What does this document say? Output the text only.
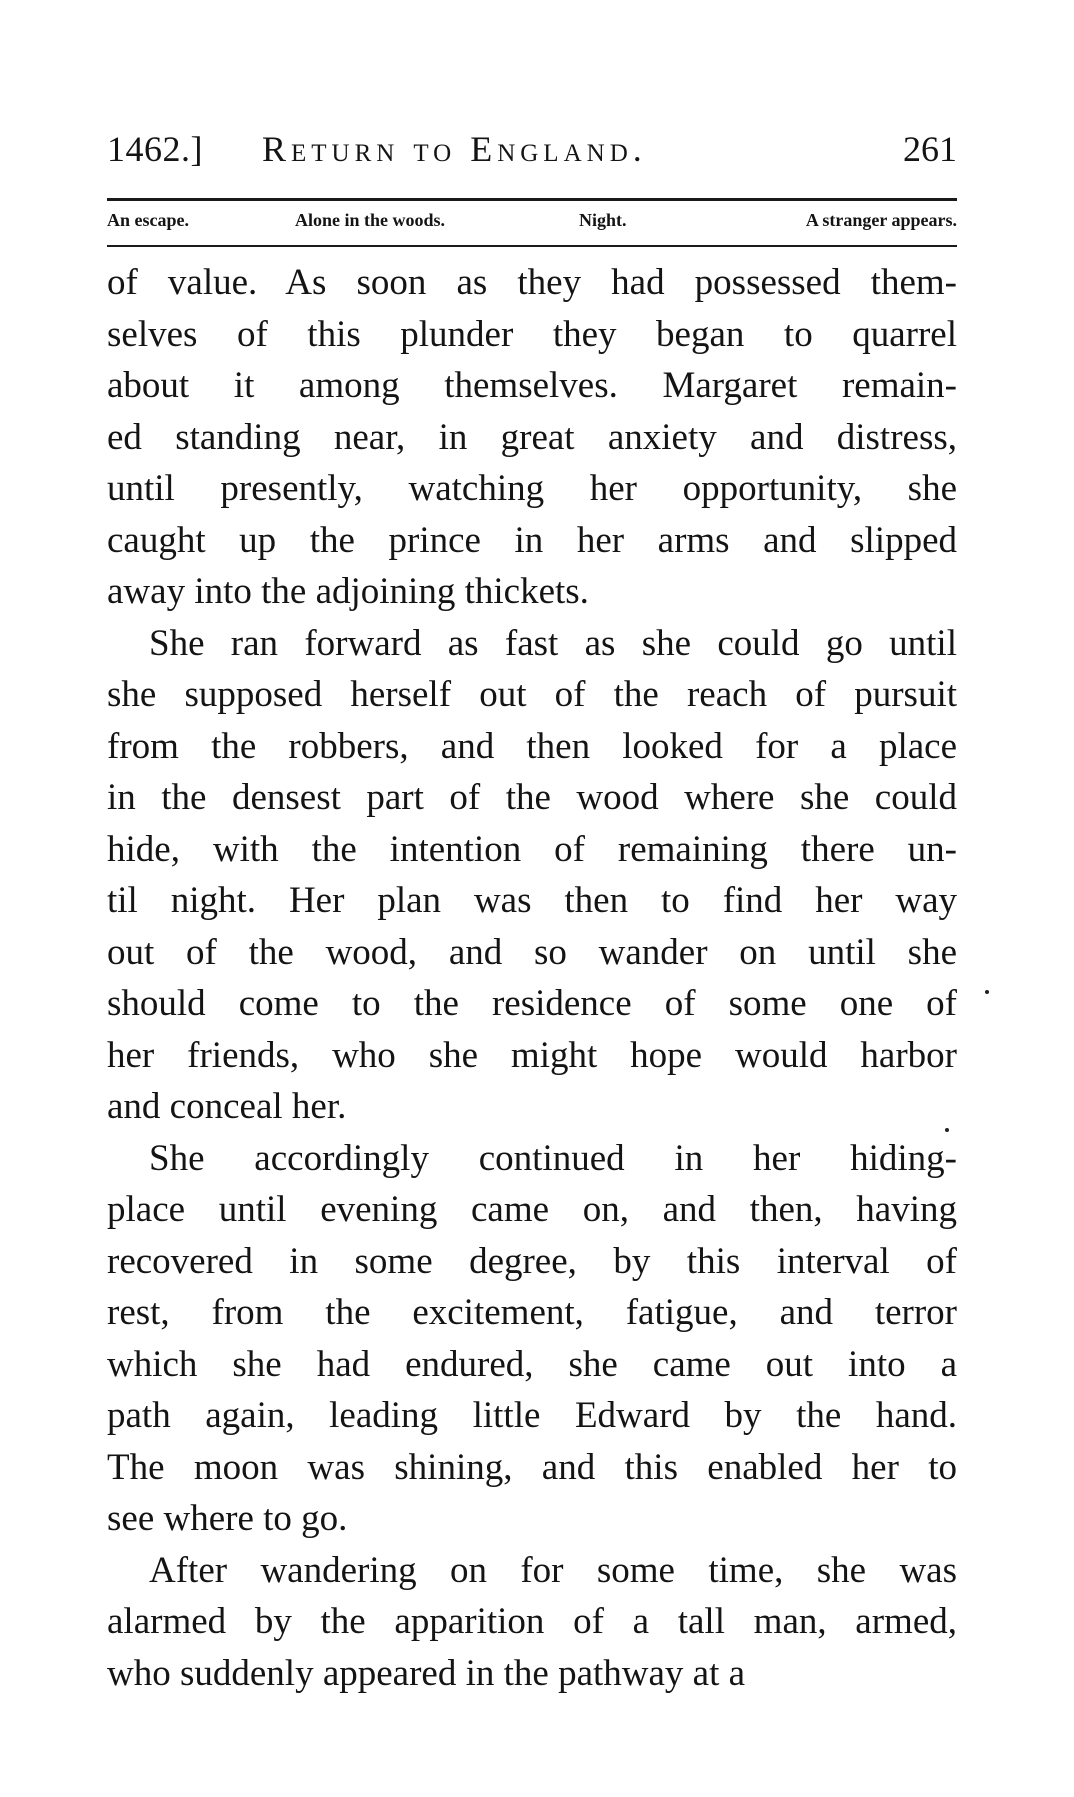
1462.] Return to England.	261
An escape.	Alone in the woods.	Night.	A stranger appears.
of value. As soon as they had possessed them-
selves of this plunder they began to quarrel
about it among themselves. Margaret remain-
ed standing near, in great anxiety and distress,
until presently, watching her opportunity, she
caught up the prince in her arms and slipped
away into the adjoining thickets.
She ran forward as fast as she could go until
she supposed herself out of the reach of pursuit
from the robbers, and then looked for a place
in the densest part of the wood where she could
hide, with the intention of remaining there un-
til night. Her plan was then to find her way
out of the wood, and so wander on until she
should come to the residence of some one of
her friends, who she might hope would harbor
and conceal her.
She accordingly continued in her hiding-
place until evening came on, and then, having
recovered in some degree, by this interval of
rest, from the excitement, fatigue, and terror
which she had endured, she came out into a
path again, leading little Edward by the hand.
The moon was shining, and this enabled her to
see where to go.
After wandering on for some time, she was
alarmed by the apparition of a tall man, armed,
who suddenly appeared in the pathway at a
